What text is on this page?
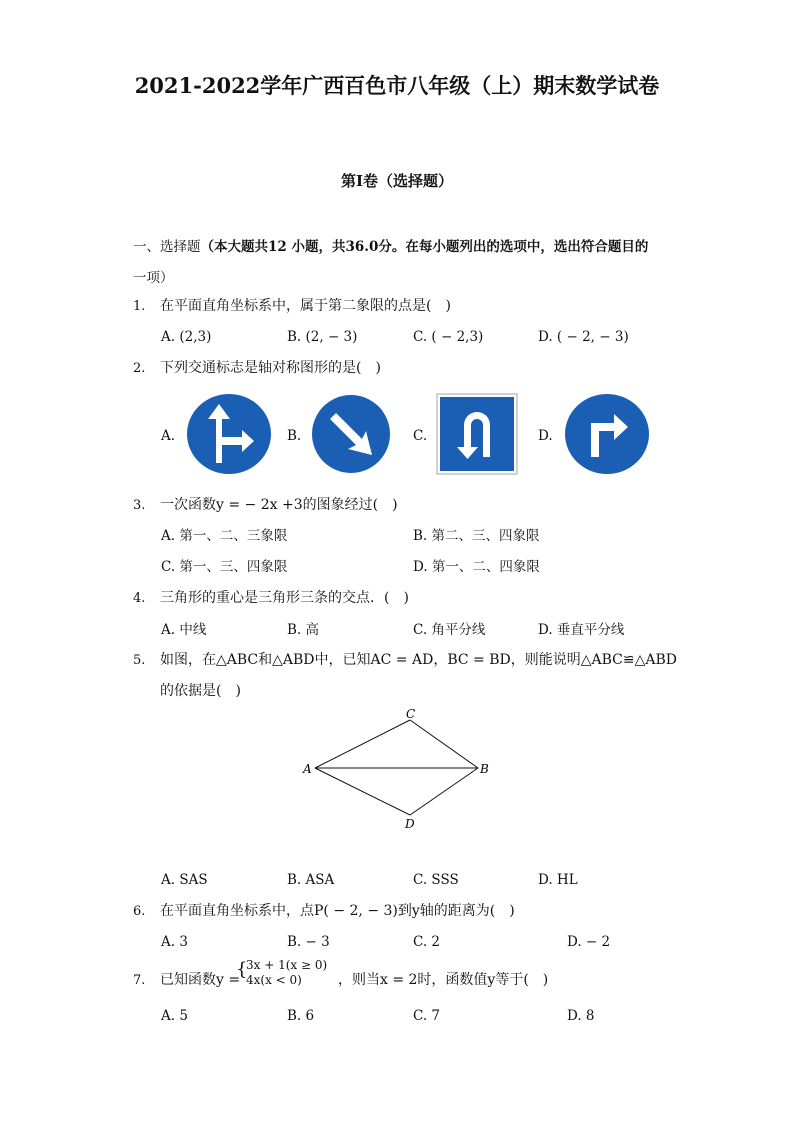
2021-2022学年广西百色市八年级（上）期末数学试卷
第I卷（选择题）
一、选择题（本大题共12 小题，共36.0分。在每小题列出的选项中，选出符合题目的
一项）
1. 在平面直角坐标系中，属于第二象限的点是(　)
A. (2,3)	B. (2, − 3)	C. ( − 2,3)	D. ( − 2, − 3)
2. 下列交通标志是轴对称图形的是(　)
A.	B.	C.	D.
3. 一次函数y = − 2x +3的图象经过(　)
A. 第一、二、三象限	B. 第二、三、四象限
C. 第一、三、四象限	D. 第一、二、四象限
4. 三角形的重心是三角形三条的交点．(　)
A. 中线	B. 高	C. 角平分线	D. 垂直平分线
5. 如图，在△ABC和△ABD中，已知AC = AD，BC = BD，则能说明△ABC≌△ABD
的依据是(　)
C
A	B
D
A. SAS	B. ASA	C. SSS	D. HL
6. 在平面直角坐标系中，点P( − 2, − 3)到y轴的距离为(　)
A. 3	B. − 3	C. 2	D. − 2
7. 已知函数y =
{
3x + 1(x ≥ 0)
4x(x < 0)	，则当x = 2时，函数值y等于(　)
A. 5	B. 6	C. 7	D. 8
